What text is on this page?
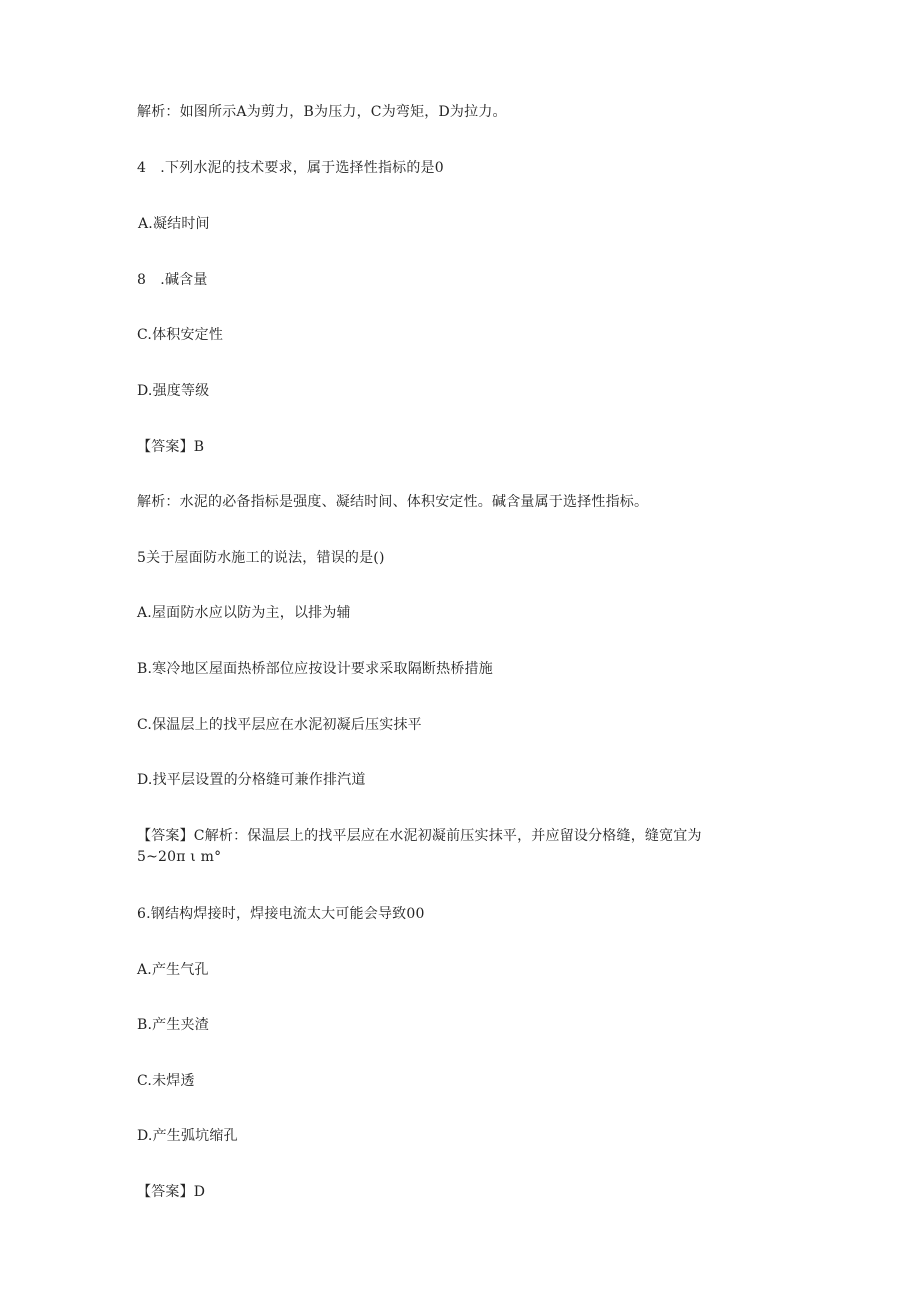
解析：如图所示A为剪力，B为压力，C为弯矩，D为拉力。
4　.下列水泥的技术要求，属于选择性指标的是0
A.凝结时间
8　.碱含量
C.体积安定性
D.强度等级
【答案】B
解析：水泥的必备指标是强度、凝结时间、体积安定性。碱含量属于选择性指标。
5关于屋面防水施工的说法，错误的是()
A.屋面防水应以防为主，以排为辅
B.寒冷地区屋面热桥部位应按设计要求采取隔断热桥措施
C.保温层上的找平层应在水泥初凝后压实抹平
D.找平层设置的分格缝可兼作排汽道
【答案】C解析：保温层上的找平层应在水泥初凝前压实抹平，并应留设分格缝，缝宽宜为
5~20π ι m°
6.钢结构焊接时，焊接电流太大可能会导致00
A.产生气孔
B.产生夹渣
C.未焊透
D.产生弧坑缩孔
【答案】D
